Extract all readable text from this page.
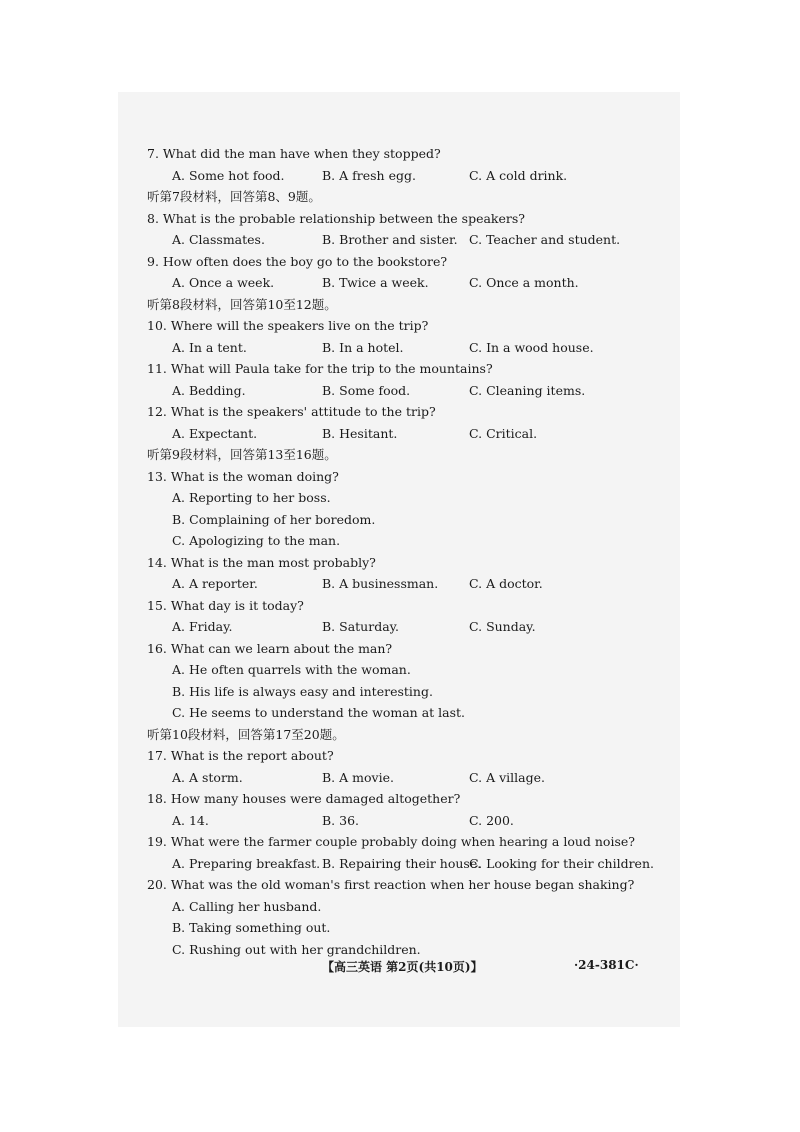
7. What did the man have when they stopped?
A. Some hot food.	B. A fresh egg.	C. A cold drink.
听第7段材料，回答第8、9题。
8. What is the probable relationship between the speakers?
A. Classmates.	B. Brother and sister. C. Teacher and student.
9. How often does the boy go to the bookstore?
A. Once a week.	B. Twice a week.	C. Once a month.
听第8段材料，回答第10至12题。
10. Where will the speakers live on the trip?
A. In a tent.	B. In a hotel.	C. In a wood house.
11. What will Paula take for the trip to the mountains?
A. Bedding.	B. Some food.	C. Cleaning items.
12. What is the speakers' attitude to the trip?
A. Expectant.	B. Hesitant.	C. Critical.
听第9段材料，回答第13至16题。
13. What is the woman doing?
A. Reporting to her boss.
B. Complaining of her boredom.
C. Apologizing to the man.
14. What is the man most probably?
A. A reporter.	B. A businessman. C. A doctor.
15. What day is it today?
A. Friday.	B. Saturday.	C. Sunday.
16. What can we learn about the man?
A. He often quarrels with the woman.
B. His life is always easy and interesting.
C. He seems to understand the woman at last.
听第10段材料，回答第17至20题。
17. What is the report about?
A. A storm.	B. A movie.	C. A village.
18. How many houses were damaged altogether?
A. 14.	B. 36.	C. 200.
19. What were the farmer couple probably doing when hearing a loud noise?
A. Preparing breakfast. B. Repairing their house.
C. Looking for their children.
20. What was the old woman's first reaction when her house began shaking?
A. Calling her husband.
B. Taking something out.
C. Rushing out with her grandchildren.
【高三英语 第2页(共10页)】	·24-381C·
